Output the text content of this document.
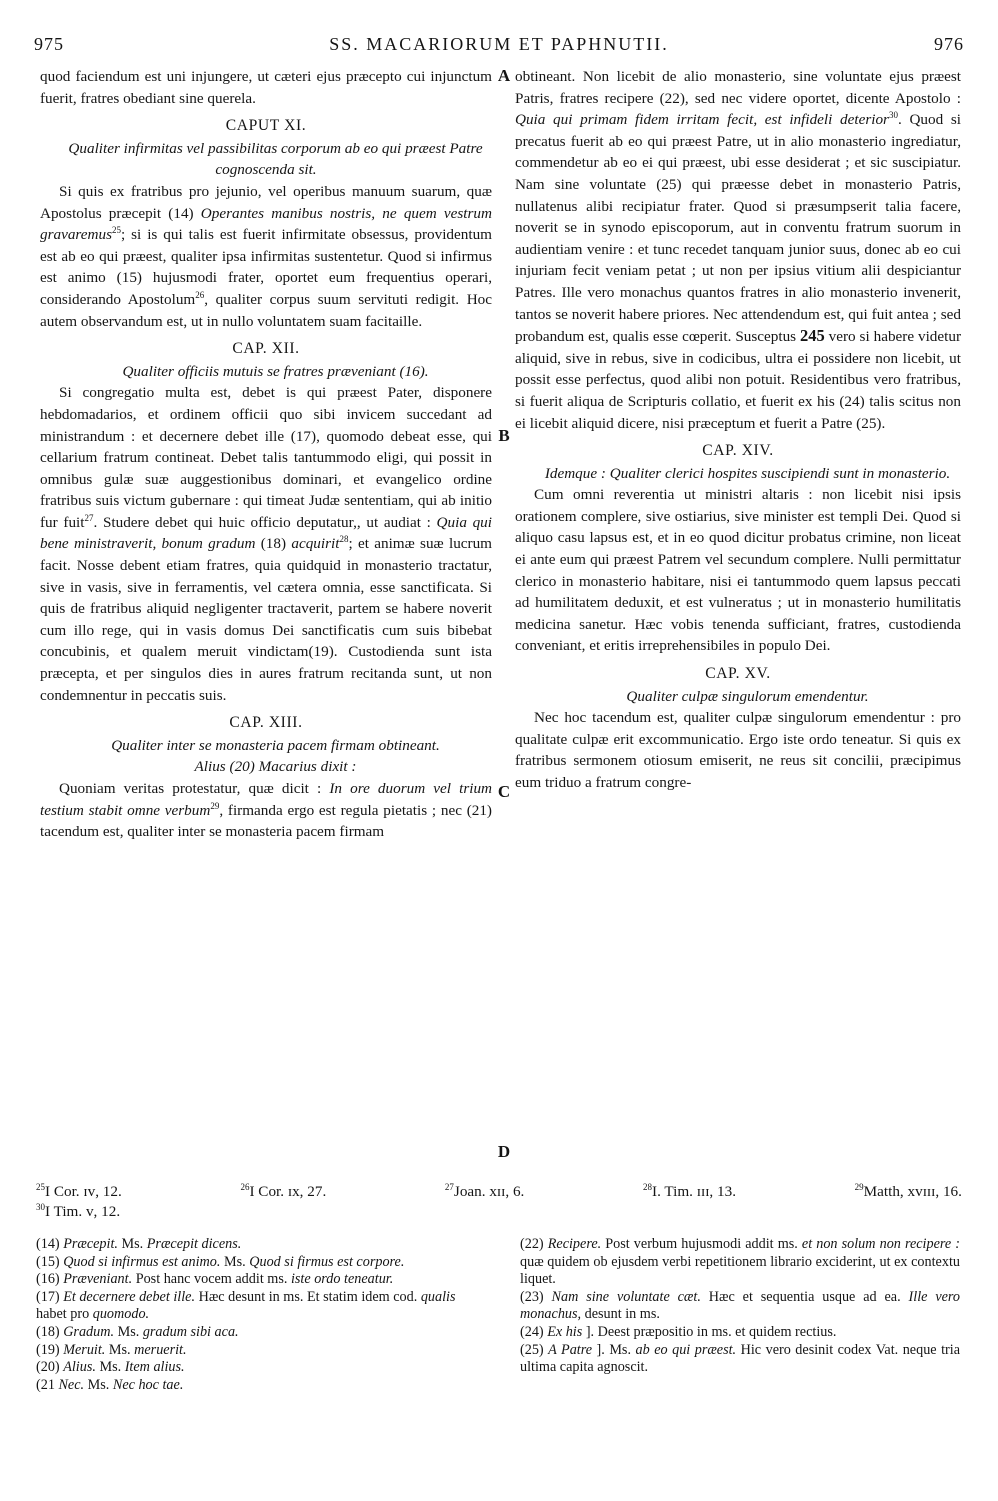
975	SS. MACARIORUM ET PAPHNUTII.	976
A
B
C
D

quod faciendum est uni injungere, ut cæteri ejus præcepto cui injunctum fuerit, fratres obediant sine querela.

CAPUT XI.

Qualiter infirmitas vel passibilitas corporum ab eo qui præest Patre cognoscenda sit.

Si quis ex fratribus pro jejunio, vel operibus manuum suarum, quæ Apostolus præcepit (14) Operantes manibus nostris, ne quem vestrum gravaremus$^{25}$; si is qui talis est fuerit infirmitate obsessus, providentum est ab eo qui præest, qualiter ipsa infirmitas sustentetur. Quod si infirmus est animo (15) hujusmodi frater, oportet eum frequentius operari, considerando Apostolum$^{26}$, qualiter corpus suum servituti redigit. Hoc autem observandum est, ut in nullo voluntatem suam facitaille.

CAP. XII.

Qualiter officiis mutuis se fratres præveniant (16).

Si congregatio multa est, debet is qui præest Pater, disponere hebdomadarios, et ordinem officii quo sibi invicem succedant ad ministrandum : et decernere debet ille (17), quomodo debeat esse, qui cellarium fratrum contineat. Debet talis tantummodo eligi, qui possit in omnibus gulæ suæ auggestionibus dominari, et evangelico ordine fratribus suis victum gubernare : qui timeat Judæ sententiam, qui ab initio fur fuit$^{27}$. Studere debet qui huic officio deputatur,, ut audiat : Quia qui bene ministraverit, bonum gradum (18) acquirit$^{28}$; et animæ suæ lucrum facit. Nosse debent etiam fratres, quia quidquid in monasterio tractatur, sive in vasis, sive in ferramentis, vel cætera omnia, esse sanctificata. Si quis de fratribus aliquid negligenter tractaverit, partem se habere noverit cum illo rege, qui in vasis domus Dei sanctificatis cum suis bibebat concubinis, et qualem meruit vindictam(19). Custodienda sunt ista præcepta, et per singulos dies in aures fratrum recitanda sunt, ut non condemnentur in peccatis suis.

CAP. XIII.

Qualiter inter se monasteria pacem firmam obtineant.

Alius (20) Macarius dixit :

Quoniam veritas protestatur, quæ dicit : In ore duorum vel trium testium stabit omne verbum$^{29}$, firmanda ergo est regula pietatis ; nec (21) tacendum est, qualiter inter se monasteria pacem firmam

obtineant. Non licebit de alio monasterio, sine voluntate ejus præest Patris, fratres recipere (22), sed nec videre oportet, dicente Apostolo : Quia qui primam fidem irritam fecit, est infideli deterior$^{30}$. Quod si precatus fuerit ab eo qui præest Patre, ut in alio monasterio ingrediatur, commendetur ab eo ei qui præest, ubi esse desiderat ; et sic suscipiatur. Nam sine voluntate (25) qui præesse debet in monasterio Patris, nullatenus alibi recipiatur frater. Quod si præsumpserit talia facere, noverit se in synodo episcoporum, aut in conventu fratrum suorum in audientiam venire : et tunc recedet tanquam junior suus, donec ab eo cui injuriam fecit veniam petat ; ut non per ipsius vitium alii despiciantur Patres. Ille vero monachus quantos fratres in alio monasterio invenerit, tantos se noverit habere priores. Nec attendendum est, qui fuit antea ; sed probandum est, qualis esse cœperit. Susceptus 245 vero si habere videtur aliquid, sive in rebus, sive in codicibus, ultra ei possidere non licebit, ut possit esse perfectus, quod alibi non potuit. Residentibus vero fratribus, si fuerit aliqua de Scripturis collatio, et fuerit ex his (24) talis scitus non ei licebit aliquid dicere, nisi præceptum et fuerit a Patre (25).

CAP. XIV.

Idemque : Qualiter clerici hospites suscipiendi sunt in monasterio.

Cum omni reverentia ut ministri altaris : non licebit nisi ipsis orationem complere, sive ostiarius, sive minister est templi Dei. Quod si aliquo casu lapsus est, et in eo quod dicitur probatus crimine, non liceat ei ante eum qui præest Patrem vel secundum complere. Nulli permittatur clerico in monasterio habitare, nisi ei tantummodo quem lapsus peccati ad humilitatem deduxit, et est vulneratus ; ut in monasterio humilitatis medicina sanetur. Hæc vobis tenenda sufficiant, fratres, custodienda conveniant, et eritis irreprehensibiles in populo Dei.

CAP. XV.

Qualiter culpæ singulorum emendentur.

Nec hoc tacendum est, qualiter culpæ singulorum emendentur : pro qualitate culpæ erit excommunicatio. Ergo iste ordo teneatur. Si quis ex fratribus sermonem otiosum emiserit, ne reus sit concilii, præcipimus eum triduo a fratrum congre-

$^{25}$I Cor. ɪᴠ, 12.	$^{26}$I Cor. ɪx, 27.	$^{27}$Joan. xɪɪ, 6.	$^{28}$I. Tim. ɪɪɪ, 13.	$^{29}$Matth, xᴠɪɪɪ, 16.
$^{30}$I Tim. ᴠ, 12.

(14) Præcepit. Ms. Præcepit dicens.

(15) Quod si infirmus est animo. Ms. Quod si firmus est corpore.

(16) Præveniant. Post hanc vocem addit ms. iste ordo teneatur.

(17) Et decernere debet ille. Hæc desunt in ms. Et statim idem cod. qualis habet pro quomodo.

(18) Gradum. Ms. gradum sibi aca.

(19) Meruit. Ms. meruerit.

(20) Alius. Ms. Item alius.

(21 Nec. Ms. Nec hoc tae.

(22) Recipere. Post verbum hujusmodi addit ms. et non solum non recipere : quæ quidem ob ejusdem verbi repetitionem librario exciderint, ut ex contextu liquet.

(23) Nam sine voluntate cæt. Hæc et sequentia usque ad ea. Ille vero monachus, desunt in ms.

(24) Ex his ]. Deest præpositio in ms. et quidem rectius.

(25) A Patre ]. Ms. ab eo qui præest. Hic vero desinit codex Vat. neque tria ultima capita agnoscit.
